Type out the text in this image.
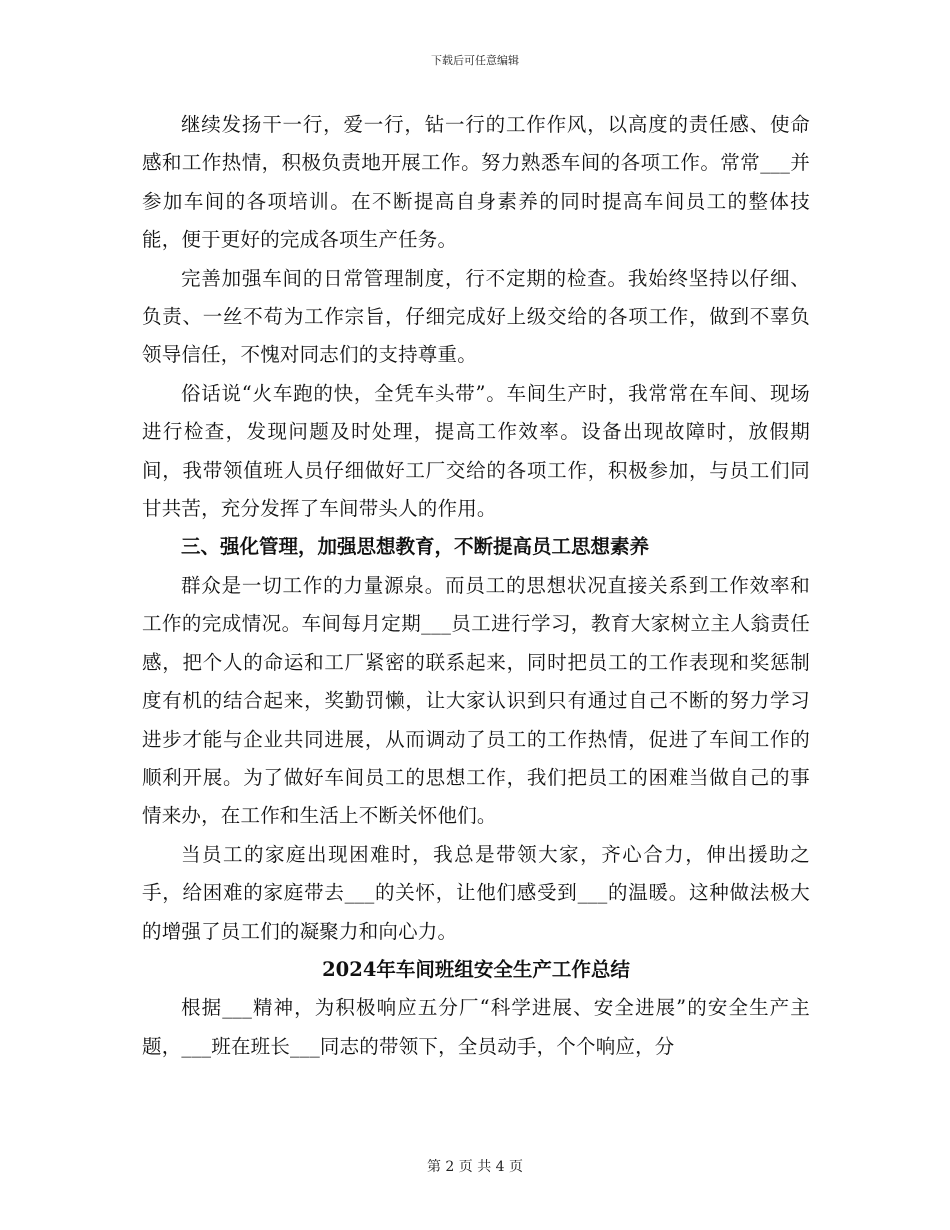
下载后可任意编辑

继续发扬干一行，爱一行，钻一行的工作作风，以高度的责任感、使命感和工作热情，积极负责地开展工作。努力熟悉车间的各项工作。常常___并参加车间的各项培训。在不断提高自身素养的同时提高车间员工的整体技能，便于更好的完成各项生产任务。

完善加强车间的日常管理制度，行不定期的检查。我始终坚持以仔细、负责、一丝不苟为工作宗旨，仔细完成好上级交给的各项工作，做到不辜负领导信任，不愧对同志们的支持尊重。

俗话说“火车跑的快，全凭车头带”。车间生产时，我常常在车间、现场进行检查，发现问题及时处理，提高工作效率。设备出现故障时，放假期间，我带领值班人员仔细做好工厂交给的各项工作，积极参加，与员工们同甘共苦，充分发挥了车间带头人的作用。

三、强化管理，加强思想教育，不断提高员工思想素养

群众是一切工作的力量源泉。而员工的思想状况直接关系到工作效率和工作的完成情况。车间每月定期___员工进行学习，教育大家树立主人翁责任感，把个人的命运和工厂紧密的联系起来，同时把员工的工作表现和奖惩制度有机的结合起来，奖勤罚懒，让大家认识到只有通过自己不断的努力学习进步才能与企业共同进展，从而调动了员工的工作热情，促进了车间工作的顺利开展。为了做好车间员工的思想工作，我们把员工的困难当做自己的事情来办，在工作和生活上不断关怀他们。

当员工的家庭出现困难时，我总是带领大家，齐心合力，伸出援助之手，给困难的家庭带去___的关怀，让他们感受到___的温暖。这种做法极大的增强了员工们的凝聚力和向心力。

2024年车间班组安全生产工作总结

根据___精神，为积极响应五分厂“科学进展、安全进展”的安全生产主题，___班在班长___同志的带领下，全员动手，个个响应，分

第 2 页 共 4 页
